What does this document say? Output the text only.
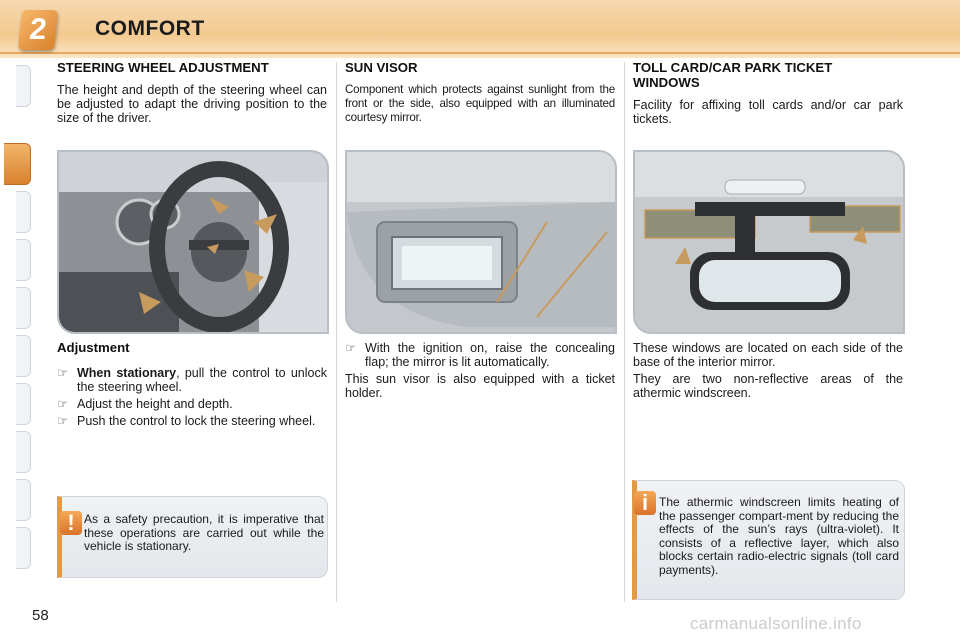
2	COMFORT
STEERING WHEEL ADJUSTMENT

The height and depth of the steering wheel can be adjusted to adapt the driving position to the size of the driver.

Adjustment
☞ When stationary, pull the control to unlock the steering wheel.
☞ Adjust the height and depth.
☞ Push the control to lock the steering wheel.
! As a safety precaution, it is imperative that these operations are carried out while the vehicle is stationary.

SUN VISOR

Component which protects against sunlight from the front or the side, also equipped with an illuminated courtesy mirror.

☞ With the ignition on, raise the concealing flap; the mirror is lit automatically.

This sun visor is also equipped with a ticket holder.

TOLL CARD/CAR PARK TICKET WINDOWS

Facility for affixing toll cards and/or car park tickets.

These windows are located on each side of the base of the interior mirror.

They are two non-reflective areas of the athermic windscreen.

i The athermic windscreen limits heating of the passenger compart-ment by reducing the effects of the sun’s rays (ultra-violet). It consists of a reflective layer, which also blocks certain radio-electric signals (toll card payments).

58	carmanualsonline.info
